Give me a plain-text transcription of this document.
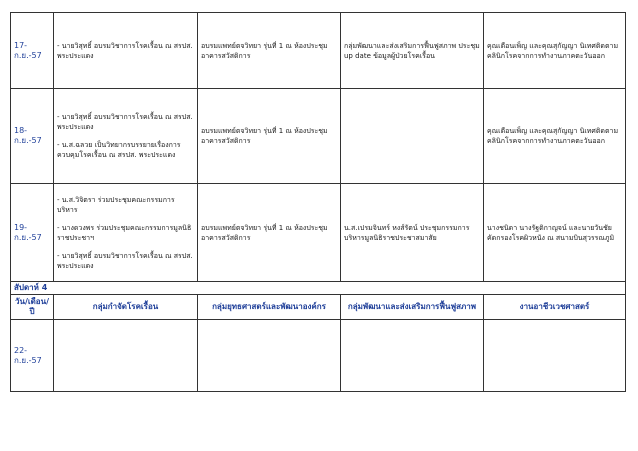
17-ก.ย.-57	- นายวิสุทธิ์ อบรมวิชาการโรคเรื้อน ณ สรปส. พระประแดง	อบรมแพทย์ตจวิทยา รุ่นที่ 1 ณ ห้องประชุมอาคารสวัสดิการ	กลุ่มพัฒนาและส่งเสริมการฟื้นฟูสภาพ ประชุม up date ข้อมูลผู้ป่วยโรคเรื้อน	คุณเตือนเพ็ญ และคุณสุกัญญา นิเทศติดตามคลินิกโรคจากการทำงานภาคตะวันออก
18-ก.ย.-57	- นายวิสุทธิ์ อบรมวิชาการโรคเรื้อน ณ สรปส. พระประแดง
- น.ส.ฉลวย เป็นวิทยากรบรรยายเรื่องการควบคุมโรคเรื้อน ณ สรปส. พระประแดง	อบรมแพทย์ตจวิทยา รุ่นที่ 1 ณ ห้องประชุมอาคารสวัสดิการ		คุณเตือนเพ็ญ และคุณสุกัญญา นิเทศติดตามคลินิกโรคจากการทำงานภาคตะวันออก
19-ก.ย.-57	- น.ส.วิจิตรา ร่วมประชุมคณะกรรมการบริหาร
- นางดวงพร ร่วมประชุมคณะกรรมการมูลนิธิราชประชาฯ
- นายวิสุทธิ์ อบรมวิชาการโรคเรื้อน ณ สรปส. พระประแดง	อบรมแพทย์ตจวิทยา รุ่นที่ 1 ณ ห้องประชุมอาคารสวัสดิการ	น.ส.เปรมจินทร์ หงส์รัตน์ ประชุมกรรมการบริหารมูลนิธิราชประชาสมาสัย	นางชนิดา นางรัฐติกาญจน์ และนายวันชัย คัดกรองโรคผิวหนัง ณ สนามบินสุวรรณภูมิ
สัปดาห์ 4				
วัน/เดือน/ปี	กลุ่มกำจัดโรคเรื้อน	กลุ่มยุทธศาสตร์และพัฒนาองค์กร	กลุ่มพัฒนาและส่งเสริมการฟื้นฟูสภาพ	งานอาชีวเวชศาสตร์
22-ก.ย.-57				
